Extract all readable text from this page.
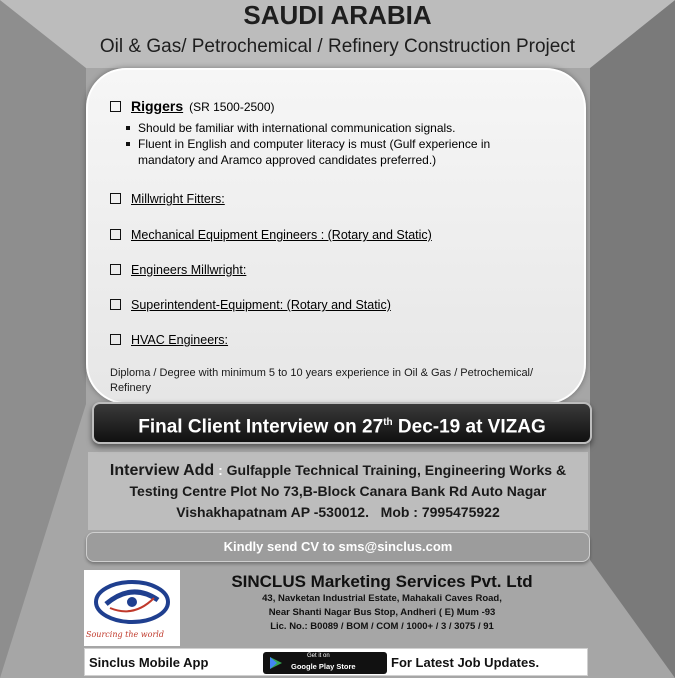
SAUDI ARABIA
Oil & Gas/ Petrochemical / Refinery Construction Project
Riggers (SR 1500-2500)
Should be familiar with international communication signals.
Fluent in English and computer literacy is must (Gulf experience in mandatory and Aramco approved candidates preferred.)
Millwright Fitters:
Mechanical Equipment Engineers : (Rotary and Static)
Engineers Millwright:
Superintendent-Equipment: (Rotary and Static)
HVAC Engineers:
Diploma / Degree with minimum 5 to 10 years experience in Oil & Gas / Petrochemical/ Refinery
Final Client Interview on 27th Dec-19 at VIZAG
Interview Add : Gulfapple Technical Training, Engineering Works &
Testing Centre Plot No 73,B-Block Canara Bank Rd Auto Nagar
Vishakhapatnam AP -530012. Mob : 7995475922
Kindly send CV to sms@sinclus.com
Sourcing the world
SINCLUS Marketing Services Pvt. Ltd
43, Navketan Industrial Estate, Mahakali Caves Road,
Near Shanti Nagar Bus Stop, Andheri ( E) Mum -93
Lic. No.: B0089 / BOM / COM / 1000+ / 3 / 3075 / 91
Sinclus Mobile App	Get it on
Google Play Store	For Latest Job Updates.
